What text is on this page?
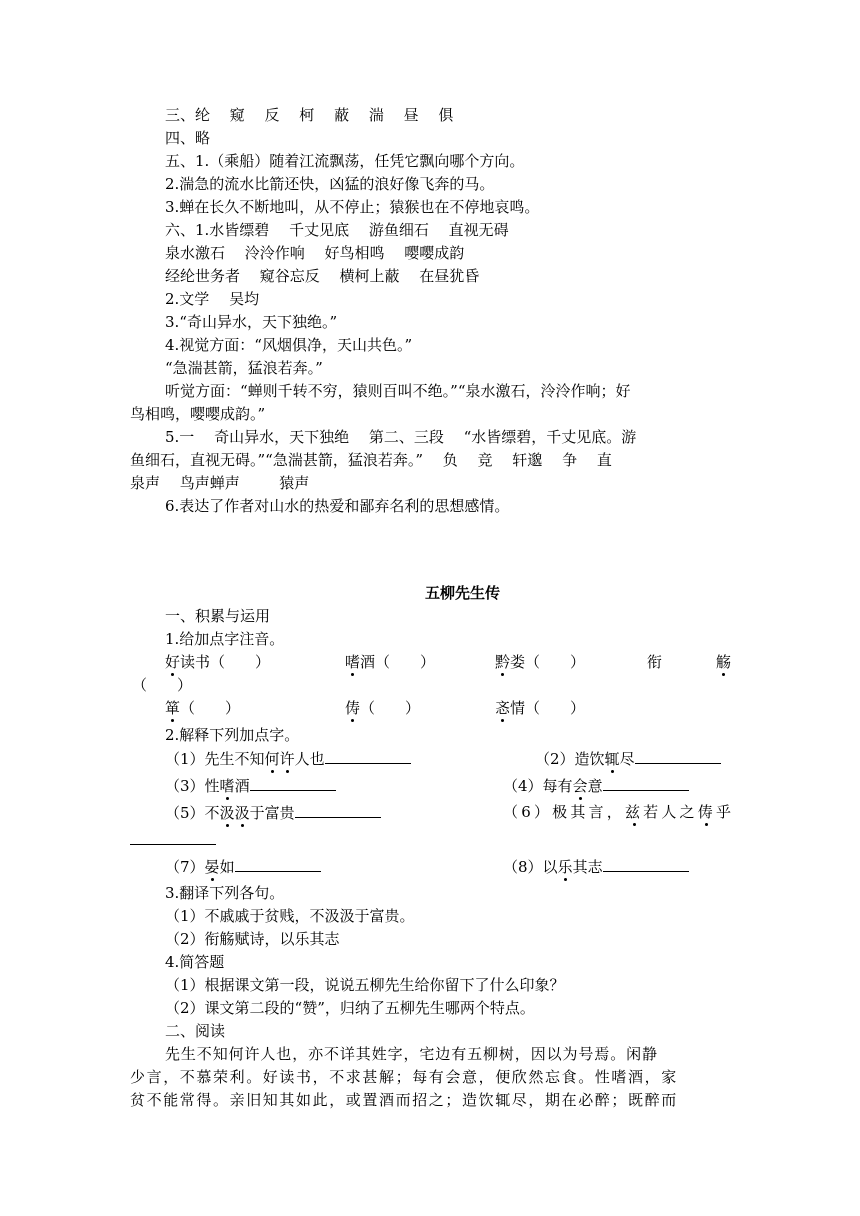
三、纶　 窥　 反　 柯　 蔽　 湍　 昼　 俱
四、略
五、1.（乘船）随着江流飘荡，任凭它飘向哪个方向。
2.湍急的流水比箭还快，凶猛的浪好像飞奔的马。
3.蝉在长久不断地叫，从不停止；猿猴也在不停地哀鸣。
六、1.水皆缥碧　 千丈见底　 游鱼细石　 直视无碍
泉水激石　 泠泠作响　 好鸟相鸣　 嘤嘤成韵
经纶世务者　 窥谷忘反　 横柯上蔽　 在昼犹昏
2.文学　 吴均
3.“奇山异水，天下独绝。”
4.视觉方面：“风烟俱净，天山共色。”
“急湍甚箭，猛浪若奔。”
听觉方面：“蝉则千转不穷，猿则百叫不绝。”“泉水激石，泠泠作响；好
鸟相鸣，嘤嘤成韵。”
5.一　 奇山异水，天下独绝　 第二、三段　 “水皆缥碧，千丈见底。游
鱼细石，直视无碍。”“急湍甚箭，猛浪若奔。”　 负　 竞　 轩邈　 争　 直
泉声　 鸟声蝉声　 　 猿声
6.表达了作者对山水的热爱和鄙弃名利的思想感情。
五柳先生传
一、积累与运用
1.给加点字注音。
好读书（　　）	嗜酒（　　）	黔娄（　　）	衔	觞
（　　）
箪（　　）	俦（　　）	忞情（　　）
2.解释下列加点字。
（1）先生不知何许人也	（2）造饮辄尽
（3）性嗜酒	（4）每有会意
（5）不汲汲于富贵	（6）极其言，兹若人之俦乎
（7）晏如	（8）以乐其志
3.翻译下列各句。
（1）不戚戚于贫贱，不汲汲于富贵。
（2）衔觞赋诗，以乐其志
4.简答题
（1）根据课文第一段，说说五柳先生给你留下了什么印象？
（2）课文第二段的“赞”，归纳了五柳先生哪两个特点。
二、阅读
先生不知何许人也，亦不详其姓字，宅边有五柳树，因以为号焉。闲静
少言，不慕荣利。好读书，不求甚解；每有会意，便欣然忘食。性嗜酒，家
贫不能常得。亲旧知其如此，或置酒而招之；造饮辄尽，期在必醉；既醉而
